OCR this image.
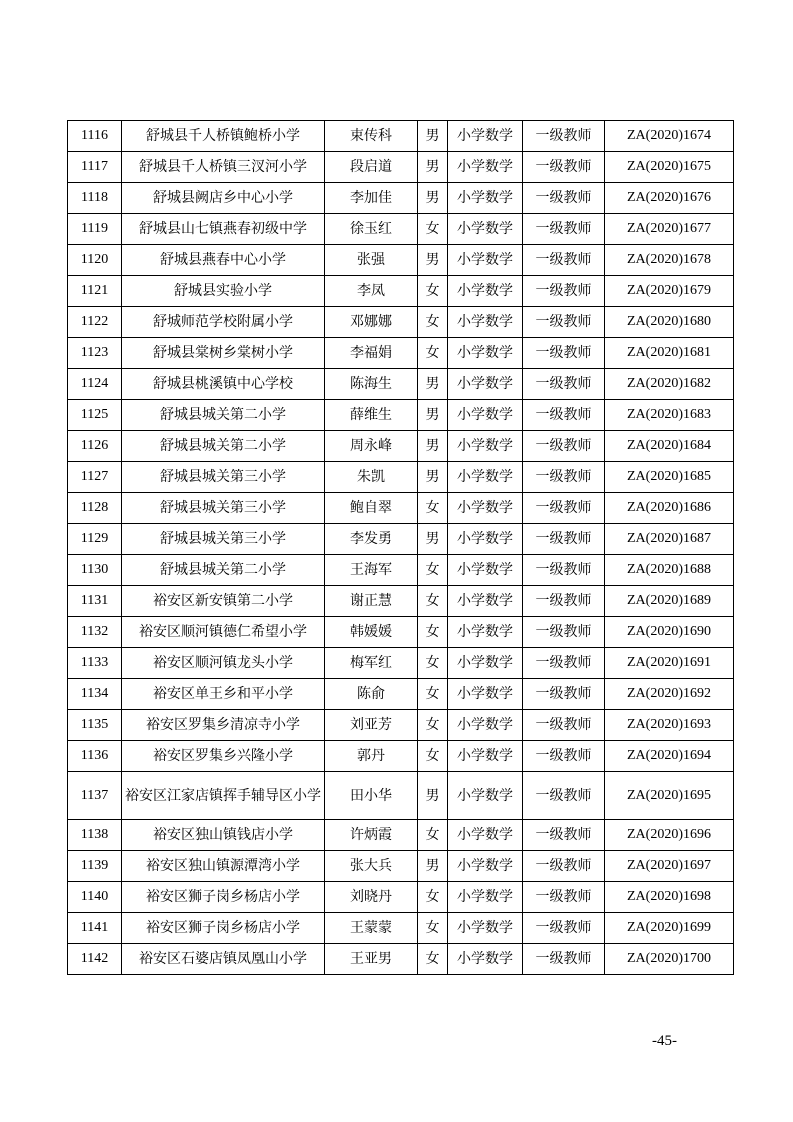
1116	舒城县千人桥镇鲍桥小学	束传科	男	小学数学	一级教师	ZA(2020)1674
1117	舒城县千人桥镇三汊河小学	段启道	男	小学数学	一级教师	ZA(2020)1675
1118	舒城县阙店乡中心小学	李加佳	男	小学数学	一级教师	ZA(2020)1676
1119	舒城县山七镇燕春初级中学	徐玉红	女	小学数学	一级教师	ZA(2020)1677
1120	舒城县燕春中心小学	张强	男	小学数学	一级教师	ZA(2020)1678
1121	舒城县实验小学	李凤	女	小学数学	一级教师	ZA(2020)1679
1122	舒城师范学校附属小学	邓娜娜	女	小学数学	一级教师	ZA(2020)1680
1123	舒城县棠树乡棠树小学	李福娟	女	小学数学	一级教师	ZA(2020)1681
1124	舒城县桃溪镇中心学校	陈海生	男	小学数学	一级教师	ZA(2020)1682
1125	舒城县城关第二小学	薛维生	男	小学数学	一级教师	ZA(2020)1683
1126	舒城县城关第二小学	周永峰	男	小学数学	一级教师	ZA(2020)1684
1127	舒城县城关第三小学	朱凯	男	小学数学	一级教师	ZA(2020)1685
1128	舒城县城关第三小学	鲍自翠	女	小学数学	一级教师	ZA(2020)1686
1129	舒城县城关第三小学	李发勇	男	小学数学	一级教师	ZA(2020)1687
1130	舒城县城关第二小学	王海军	女	小学数学	一级教师	ZA(2020)1688
1131	裕安区新安镇第二小学	谢正慧	女	小学数学	一级教师	ZA(2020)1689
1132	裕安区顺河镇德仁希望小学	韩媛媛	女	小学数学	一级教师	ZA(2020)1690
1133	裕安区顺河镇龙头小学	梅军红	女	小学数学	一级教师	ZA(2020)1691
1134	裕安区单王乡和平小学	陈俞	女	小学数学	一级教师	ZA(2020)1692
1135	裕安区罗集乡清凉寺小学	刘亚芳	女	小学数学	一级教师	ZA(2020)1693
1136	裕安区罗集乡兴隆小学	郭丹	女	小学数学	一级教师	ZA(2020)1694
1137	裕安区江家店镇挥手辅导区小学	田小华	男	小学数学	一级教师	ZA(2020)1695
1138	裕安区独山镇钱店小学	许炳霞	女	小学数学	一级教师	ZA(2020)1696
1139	裕安区独山镇源潭湾小学	张大兵	男	小学数学	一级教师	ZA(2020)1697
1140	裕安区狮子岗乡杨店小学	刘晓丹	女	小学数学	一级教师	ZA(2020)1698
1141	裕安区狮子岗乡杨店小学	王蒙蒙	女	小学数学	一级教师	ZA(2020)1699
1142	裕安区石婆店镇凤凰山小学	王亚男	女	小学数学	一级教师	ZA(2020)1700
-45-
